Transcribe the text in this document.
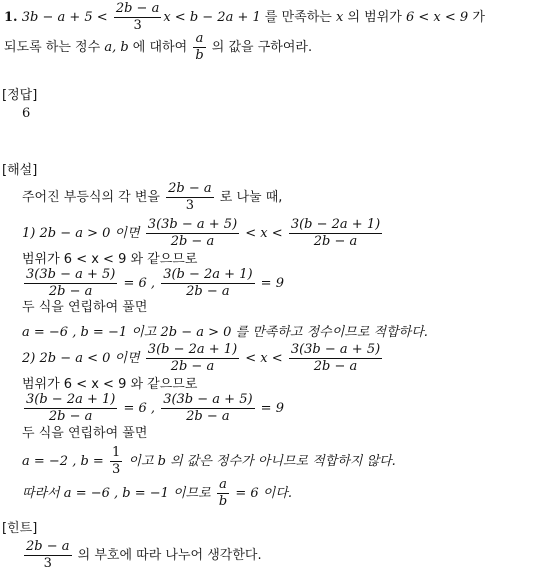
1. $3b - a + 5 < \frac{2b - a}{3}$ x < b − 2a + 1 를 만족하는 x 의 범위가 6 < x < 9 가
되도록 하는 정수 a, b 에 대하여 $\frac{a}{b}$ 의 값을 구하여라.
[정답]
6
[해설]
주어진 부등식의 각 변을 $\frac{2b - a}{3}$ 로 나눌 때,
1) 2b − a > 0 이면 $\frac{3(3b - a + 5)}{2b - a} < x < \frac{3(b - 2a + 1)}{2b - a}$
범위가 6 < x < 9 와 같으므로
$\frac{3(3b - a + 5)}{2b - a} = 6$ , $\frac{3(b - 2a + 1)}{2b - a} = 9$
두 식을 연립하여 풀면
a = −6 , b = −1 이고 2b − a > 0 를 만족하고 정수이므로 적합하다.
2) 2b − a < 0 이면 $\frac{3(b - 2a + 1)}{2b - a} < x < \frac{3(3b - a + 5)}{2b - a}$
범위가 6 < x < 9 와 같으므로
$\frac{3(b - 2a + 1)}{2b - a} = 6$ , $\frac{3(3b - a + 5)}{2b - a} = 9$
두 식을 연립하여 풀면
a = −2 , $b = \frac{1}{3}$ 이고 b 의 값은 정수가 아니므로 적합하지 않다.
따라서 a = −6 , b = −1 이므로 $\frac{a}{b} = 6$ 이다.
[힌트]
$\frac{2b - a}{3}$ 의 부호에 따라 나누어 생각한다.
